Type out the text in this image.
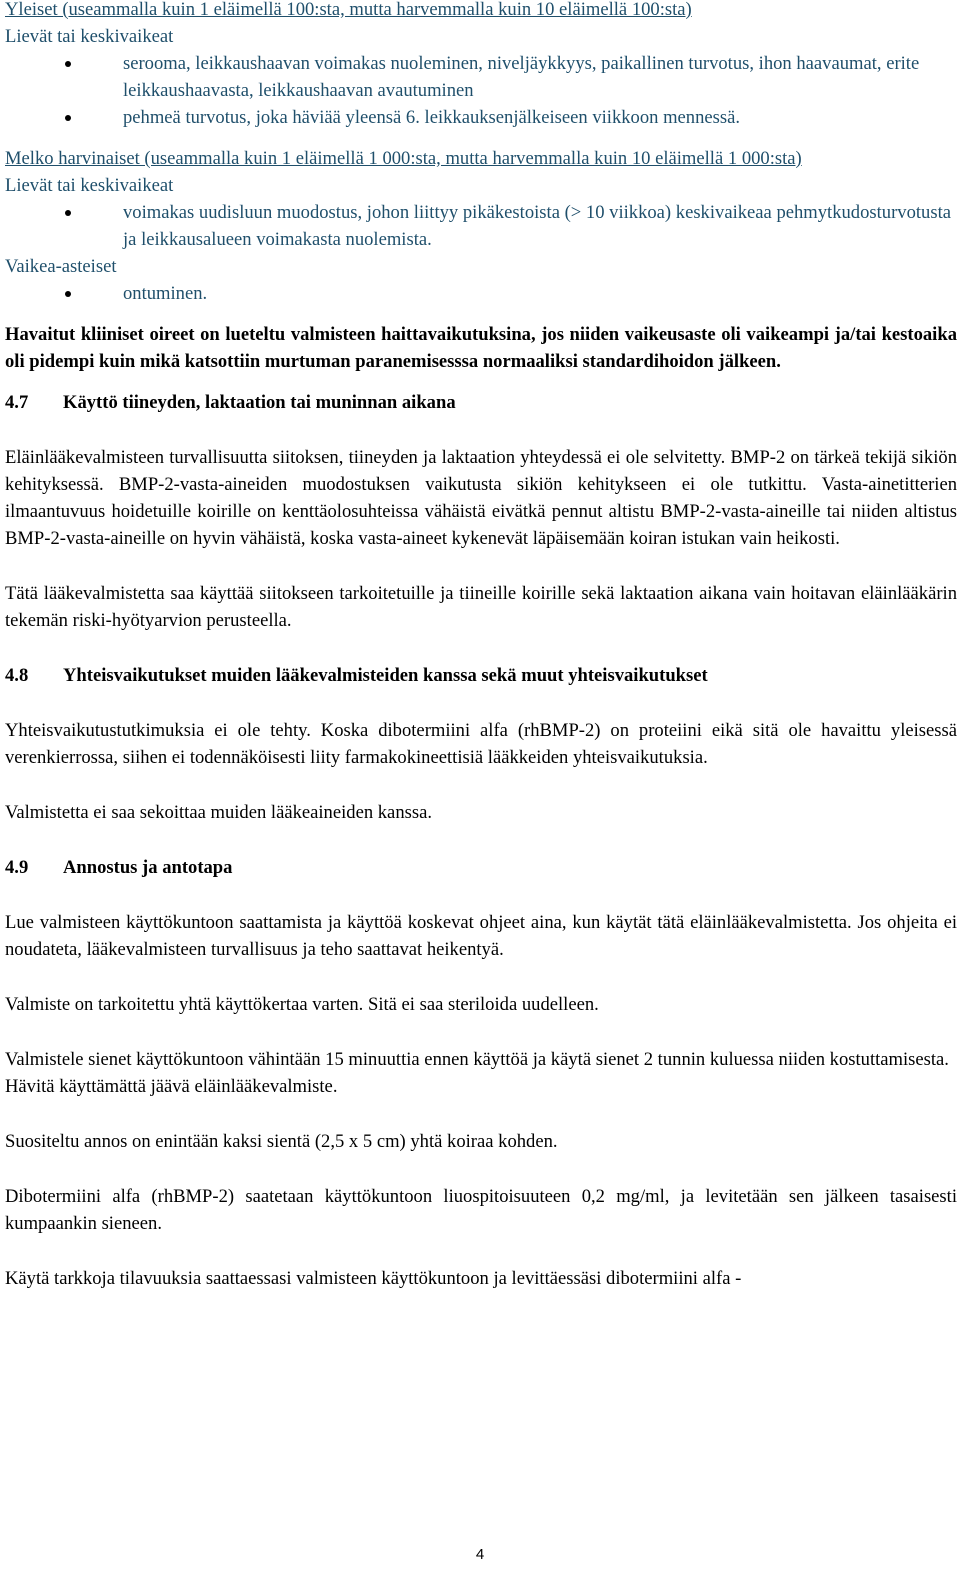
Yleiset (useammalla kuin 1 eläimellä 100:sta, mutta harvemmalla kuin 10 eläimellä 100:sta)

Lievät tai keskivaikeat

serooma, leikkaushaavan voimakas nuoleminen, niveljäykkyys, paikallinen turvotus, ihon haavaumat, erite leikkaushaavasta, leikkaushaavan avautuminen
pehmeä turvotus, joka häviää yleensä 6. leikkauksenjälkeiseen viikkoon mennessä.

Melko harvinaiset (useammalla kuin 1 eläimellä 1 000:sta, mutta harvemmalla kuin 10 eläimellä 1 000:sta)

Lievät tai keskivaikeat

voimakas uudisluun muodostus, johon liittyy pikäkestoista (> 10 viikkoa) keskivaikeaa pehmytkudosturvotusta ja leikkausalueen voimakasta nuolemista.

Vaikea-asteiset

ontuminen.

Havaitut kliiniset oireet on lueteltu valmisteen haittavaikutuksina, jos niiden vaikeusaste oli vaikeampi ja/tai kestoaika oli pidempi kuin mikä katsottiin murtuman paranemisesssa normaaliksi standardihoidon jälkeen.

4.7	Käyttö tiineyden, laktaation tai muninnan aikana

Eläinlääkevalmisteen turvallisuutta siitoksen, tiineyden ja laktaation yhteydessä ei ole selvitetty. BMP-2 on tärkeä tekijä sikiön kehityksessä. BMP-2-vasta-aineiden muodostuksen vaikutusta sikiön kehitykseen ei ole tutkittu. Vasta-ainetitterien ilmaantuvuus hoidetuille koirille on kenttäolosuhteissa vähäistä eivätkä pennut altistu BMP-2-vasta-aineille tai niiden altistus BMP-2-vasta-aineille on hyvin vähäistä, koska vasta-aineet kykenevät läpäisemään koiran istukan vain heikosti.

Tätä lääkevalmistetta saa käyttää siitokseen tarkoitetuille ja tiineille koirille sekä laktaation aikana vain hoitavan eläinlääkärin tekemän riski-hyötyarvion perusteella.

4.8	Yhteisvaikutukset muiden lääkevalmisteiden kanssa sekä muut yhteisvaikutukset

Yhteisvaikutustutkimuksia ei ole tehty. Koska dibotermiini alfa (rhBMP-2) on proteiini eikä sitä ole havaittu yleisessä verenkierrossa, siihen ei todennäköisesti liity farmakokineettisiä lääkkeiden yhteisvaikutuksia.

Valmistetta ei saa sekoittaa muiden lääkeaineiden kanssa.

4.9	Annostus ja antotapa

Lue valmisteen käyttökuntoon saattamista ja käyttöä koskevat ohjeet aina, kun käytät tätä eläinlääkevalmistetta. Jos ohjeita ei noudateta, lääkevalmisteen turvallisuus ja teho saattavat heikentyä.

Valmiste on tarkoitettu yhtä käyttökertaa varten. Sitä ei saa steriloida uudelleen.

Valmistele sienet käyttökuntoon vähintään 15 minuuttia ennen käyttöä ja käytä sienet 2 tunnin kuluessa niiden kostuttamisesta.

Hävitä käyttämättä jäävä eläinlääkevalmiste.

Suositeltu annos on enintään kaksi sientä (2,5 x 5 cm) yhtä koiraa kohden.

Dibotermiini alfa (rhBMP-2) saatetaan käyttökuntoon liuospitoisuuteen 0,2 mg/ml, ja levitetään sen jälkeen tasaisesti kumpaankin sieneen.

Käytä tarkkoja tilavuuksia saattaessasi valmisteen käyttökuntoon ja levittäessäsi dibotermiini alfa -

4
